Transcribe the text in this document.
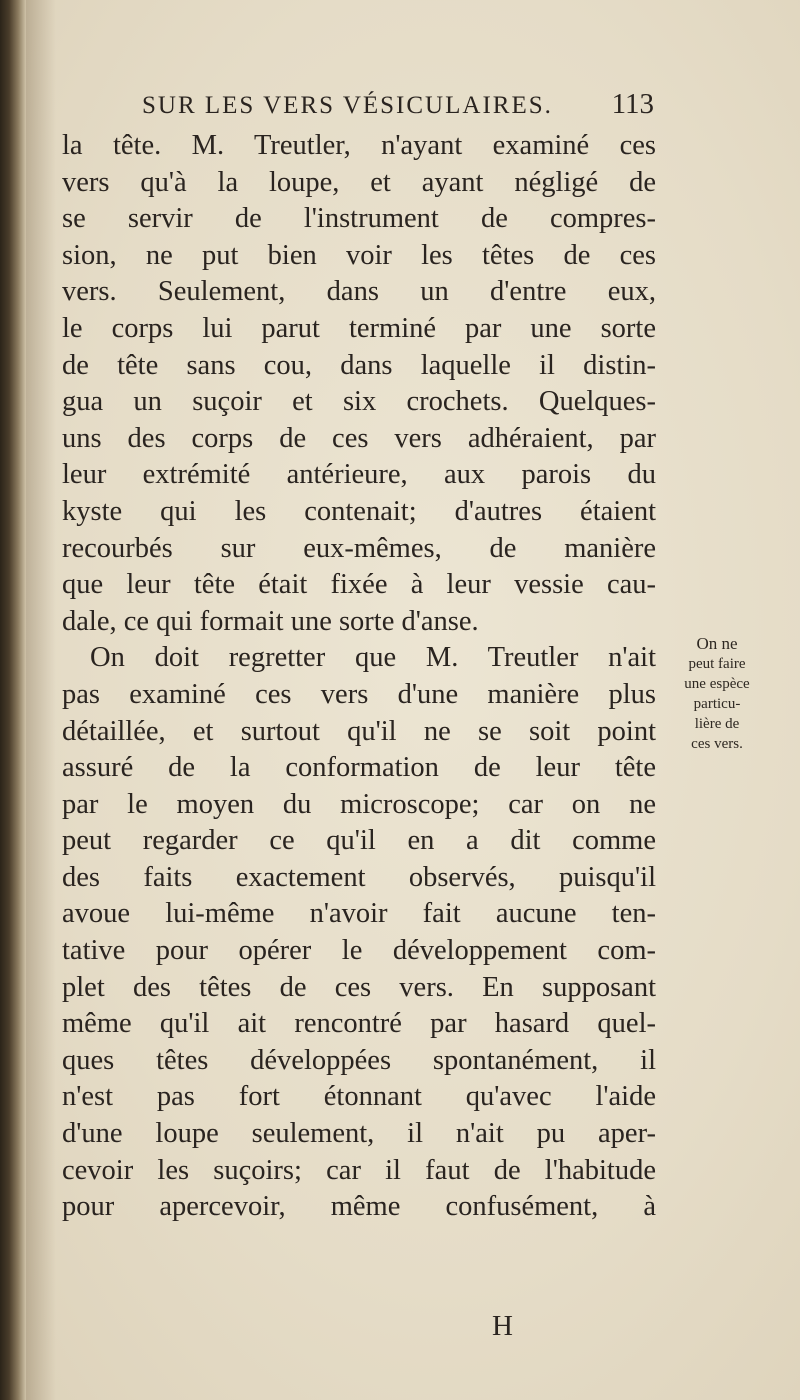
SUR LES VERS VÉSICULAIRES. 113
la tête. M. Treutler, n'ayant examiné ces
vers qu'à la loupe, et ayant négligé de
se servir de l'instrument de compres-
sion, ne put bien voir les têtes de ces
vers. Seulement, dans un d'entre eux,
le corps lui parut terminé par une sorte
de tête sans cou, dans laquelle il distin-
gua un suçoir et six crochets. Quelques-
uns des corps de ces vers adhéraient, par
leur extrémité antérieure, aux parois du
kyste qui les contenait; d'autres étaient
recourbés sur eux-mêmes, de manière
que leur tête était fixée à leur vessie cau-
dale, ce qui formait une sorte d'anse.
On doit regretter que M. Treutler n'ait
pas examiné ces vers d'une manière plus
détaillée, et surtout qu'il ne se soit point
assuré de la conformation de leur tête
par le moyen du microscope; car on ne
peut regarder ce qu'il en a dit comme
des faits exactement observés, puisqu'il
avoue lui-même n'avoir fait aucune ten-
tative pour opérer le développement com-
plet des têtes de ces vers. En supposant
même qu'il ait rencontré par hasard quel-
ques têtes développées spontanément, il
n'est pas fort étonnant qu'avec l'aide
d'une loupe seulement, il n'ait pu aper-
cevoir les suçoirs; car il faut de l'habitude
pour apercevoir, même confusément, à
On ne
peut faire
une espèce
particu-
lière de
ces vers.
H
